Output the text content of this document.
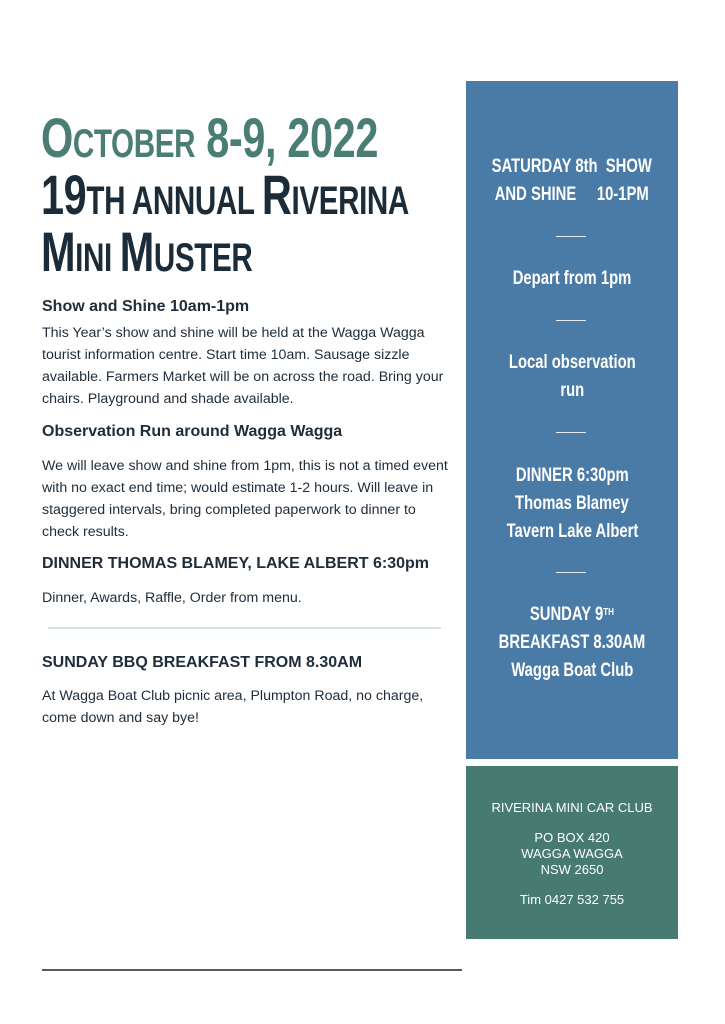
OCTOBER 8-9, 2022
19TH ANNUAL RIVERINA
MINI MUSTER
Show and Shine 10am-1pm

This Year’s show and shine will be held at the Wagga Wagga

tourist information centre. Start time 10am. Sausage sizzle

available. Farmers Market will be on across the road. Bring your

chairs. Playground and shade available.

Observation Run around Wagga Wagga

We will leave show and shine from 1pm, this is not a timed event

with no exact end time; would estimate 1-2 hours. Will leave in

staggered intervals, bring completed paperwork to dinner to

check results.

DINNER THOMAS BLAMEY, LAKE ALBERT 6:30pm

Dinner, Awards, Raffle, Order from menu.

SUNDAY BBQ BREAKFAST FROM 8.30AM

At Wagga Boat Club picnic area, Plumpton Road, no charge,

come down and say bye!

SATURDAY 8th  SHOW
AND SHINE     10-1PM
Depart from 1pm
Local observation
run
DINNER 6:30pm
Thomas Blamey
Tavern Lake Albert
SUNDAY 9TH
BREAKFAST 8.30AM
Wagga Boat Club
RIVERINA MINI CAR CLUB
PO BOX 420
WAGGA WAGGA
NSW 2650
Tim 0427 532 755
